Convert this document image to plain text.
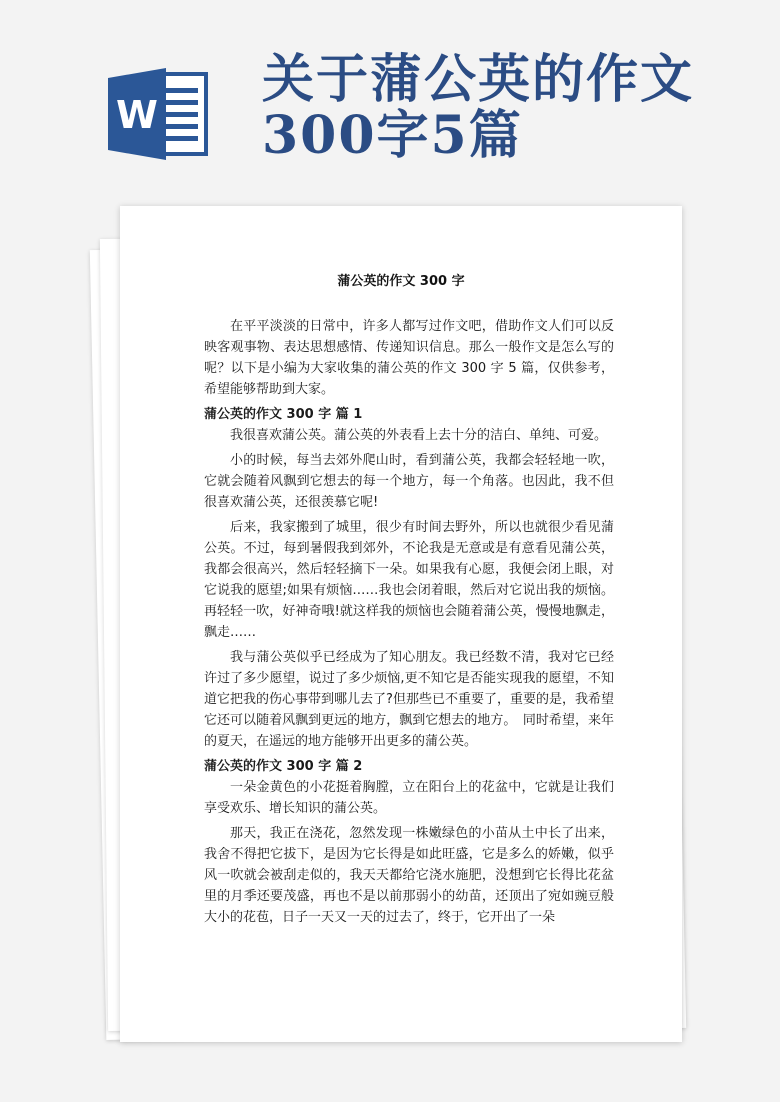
W
关于蒲公英的作文
300字5篇
蒲公英的作文 300 字

在平平淡淡的日常中，许多人都写过作文吧，借助作文人们可以反映客观事物、表达思想感情、传递知识信息。那么一般作文是怎么写的呢？以下是小编为大家收集的蒲公英的作文 300 字 5 篇，仅供参考，希望能够帮助到大家。

蒲公英的作文 300 字 篇 1

我很喜欢蒲公英。蒲公英的外表看上去十分的洁白、单纯、可爱。

小的时候，每当去郊外爬山时，看到蒲公英，我都会轻轻地一吹，它就会随着风飘到它想去的每一个地方，每一个角落。也因此，我不但很喜欢蒲公英，还很羡慕它呢!

后来，我家搬到了城里，很少有时间去野外，所以也就很少看见蒲公英。不过，每到暑假我到郊外，不论我是无意或是有意看见蒲公英，我都会很高兴，然后轻轻摘下一朵。如果我有心愿，我便会闭上眼，对它说我的愿望;如果有烦恼……我也会闭着眼，然后对它说出我的烦恼。再轻轻一吹，好神奇哦!就这样我的烦恼也会随着蒲公英，慢慢地飘走，飘走……

我与蒲公英似乎已经成为了知心朋友。我已经数不清，我对它已经许过了多少愿望，说过了多少烦恼,更不知它是否能实现我的愿望，不知道它把我的伤心事带到哪儿去了?但那些已不重要了，重要的是，我希望它还可以随着风飘到更远的地方，飘到它想去的地方。　同时希望，来年的夏天，在遥远的地方能够开出更多的蒲公英。

蒲公英的作文 300 字 篇 2

一朵金黄色的小花挺着胸膛，立在阳台上的花盆中，它就是让我们享受欢乐、增长知识的蒲公英。

那天，我正在浇花，忽然发现一株嫩绿色的小苗从土中长了出来，我舍不得把它拔下，是因为它长得是如此旺盛，它是多么的娇嫩，似乎风一吹就会被刮走似的，我天天都给它浇水施肥，没想到它长得比花盆里的月季还要茂盛，再也不是以前那弱小的幼苗，还顶出了宛如豌豆般大小的花苞，日子一天又一天的过去了，终于，它开出了一朵
